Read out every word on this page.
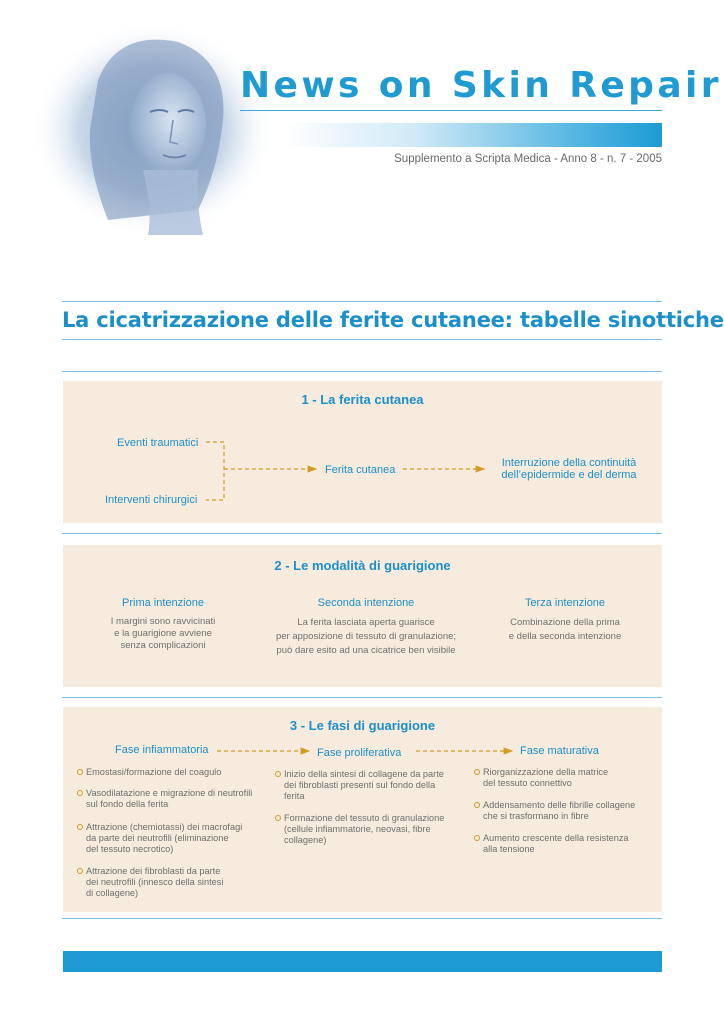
News on Skin Repair
Supplemento a Scripta Medica - Anno 8 - n. 7 - 2005
La cicatrizzazione delle ferite cutanee: tabelle sinottiche
1 - La ferita cutanea
Eventi traumatici
Interventi chirurgici
Ferita cutanea
Interruzione della continuità
dell’epidermide e del derma
2 - Le modalità di guarigione
Prima intenzione
I margini sono ravvicinati
e la guarigione avviene
senza complicazioni
Seconda intenzione
La ferita lasciata aperta guarisce
per apposizione di tessuto di granulazione;
può dare esito ad una cicatrice ben visibile
Terza intenzione
Combinazione della prima
e della seconda intenzione
3 - Le fasi di guarigione
Fase infiammatoria	Fase proliferativa	Fase maturativa
Emostasi/formazione del coagulo
Vasodilatazione e migrazione di neutrofili
sul fondo della ferita
Attrazione (chemiotassi) dei macrofagi
da parte dei neutrofili (eliminazione
del tessuto necrotico)
Attrazione dei fibroblasti da parte
dei neutrofili (innesco della sintesi
di collagene)
Inizio della sintesi di collagene da parte
dei fibroblasti presenti sul fondo della
ferita
Formazione del tessuto di granulazione
(cellule infiammatorie, neovasi, fibre
collagene)
Riorganizzazione della matrice
del tessuto connettivo
Addensamento delle fibrille collagene
che si trasformano in fibre
Aumento crescente della resistenza
alla tensione
